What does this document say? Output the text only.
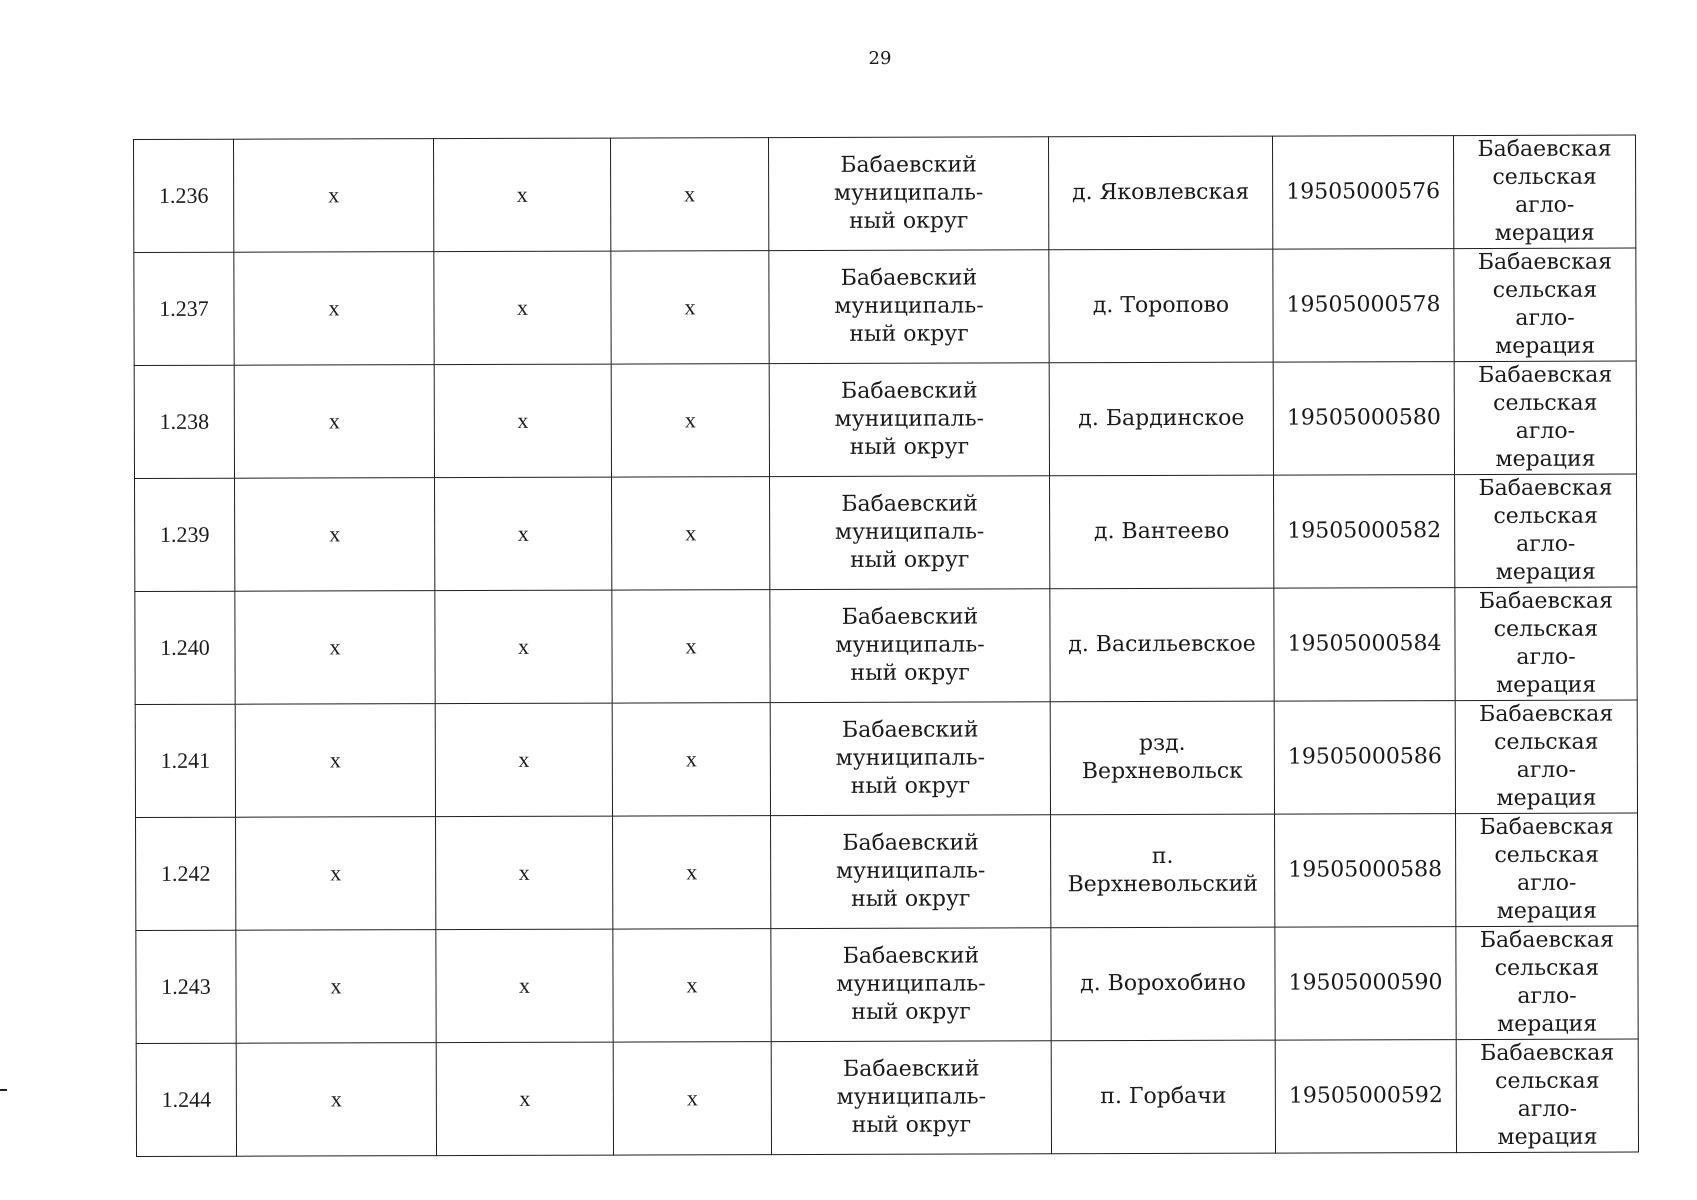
29
1.236	х	х	х	Бабаевский муниципаль-
ный округ	д. Яковлевская	19505000576	Бабаевская
сельская агло-
мерация

1.237	х	х	х	Бабаевский муниципаль-
ный округ	д. Торопово	19505000578	Бабаевская
сельская агло-
мерация

1.238	х	х	х	Бабаевский муниципаль-
ный округ	д. Бардинское	19505000580	Бабаевская
сельская агло-
мерация

1.239	х	х	х	Бабаевский муниципаль-
ный округ	д. Вантеево	19505000582	Бабаевская
сельская агло-
мерация

1.240	х	х	х	Бабаевский муниципаль-
ный округ	д. Васильевское	19505000584	Бабаевская
сельская агло-
мерация

1.241	х	х	х	Бабаевский муниципаль-
ный округ	рзд. Верхневольск	19505000586	Бабаевская
сельская агло-
мерация

1.242	х	х	х	Бабаевский муниципаль-
ный округ	п. Верхневольский	19505000588	Бабаевская
сельская агло-
мерация

1.243	х	х	х	Бабаевский муниципаль-
ный округ	д. Ворохобино	19505000590	Бабаевская
сельская агло-
мерация

1.244	х	х	х	Бабаевский муниципаль-
ный округ	п. Горбачи	19505000592	Бабаевская
сельская агло-
мерация
